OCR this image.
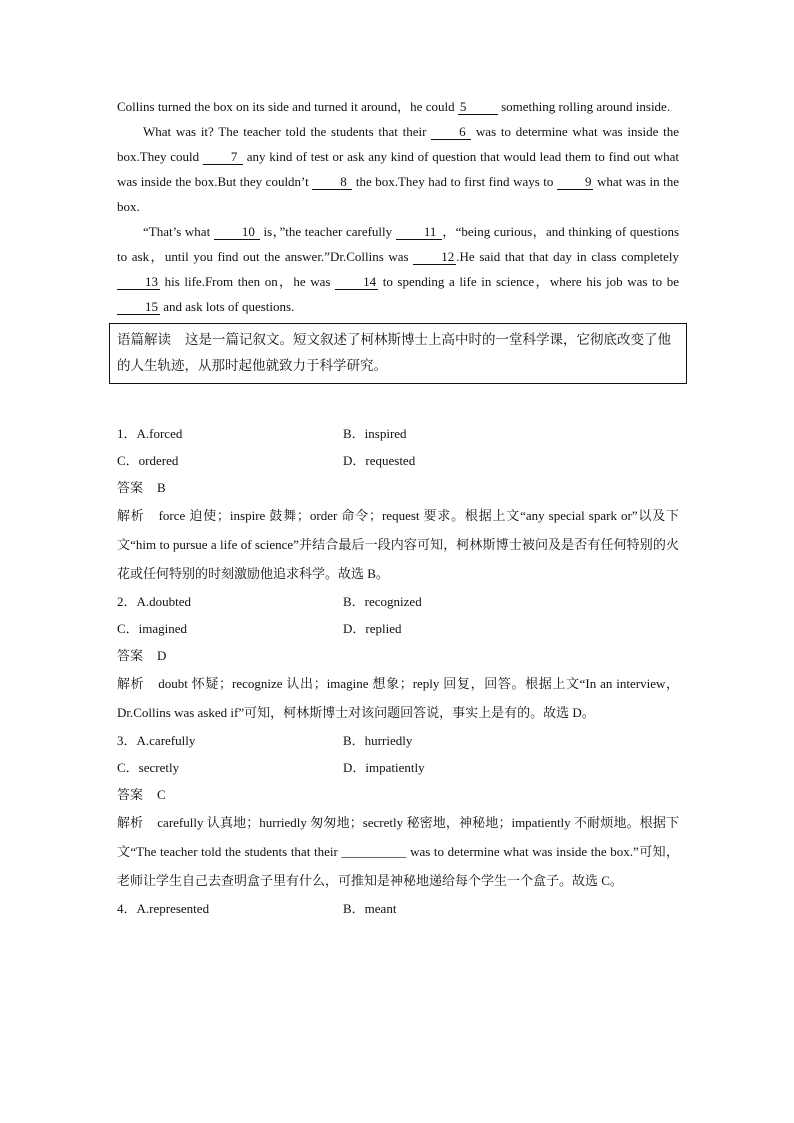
Collins turned the box on its side and turned it around，he could 5	something rolling around inside.

What was it? The teacher told the students that their	6 was to determine what was inside the box.They could 7 any kind of test or ask any kind of question that would lead them to find out what was inside the box.But they couldn’t 8 the box.They had to first find ways to 9 what was in the box.

“That’s what 10 is，”the teacher carefully 11 ，“being curious，and thinking of questions to ask，until you find out the answer.”Dr.Collins was	12 .He said that that day in class completely 13 his life.From then on，he was	14 to spending a life in science，where his job was to be 15 and ask lots of questions.

语篇解读 这是一篇记叙文。短文叙述了柯林斯博士上高中时的一堂科学课，它彻底改变了他的人生轨迹，从那时起他就致力于科学研究。
1．A.forced	B．inspired
C．ordered	D．requested
答案 B
解析 force 迫使；inspire 鼓舞；order 命令；request 要求。根据上文“any special spark or”以及下文“him to pursue a life of science”并结合最后一段内容可知，柯林斯博士被问及是否有任何特别的火花或任何特别的时刻激励他追求科学。故选 B。
2．A.doubted	B．recognized
C．imagined	D．replied
答案 D
解析 doubt 怀疑；recognize 认出；imagine 想象；reply 回复，回答。根据上文“In an interview，Dr.Collins was asked if”可知，柯林斯博士对该问题回答说，事实上是有的。故选 D。
3．A.carefully	B．hurriedly
C．secretly	D．impatiently
答案 C
解析 carefully 认真地；hurriedly 匆匆地；secretly 秘密地，神秘地；impatiently 不耐烦地。根据下文“The teacher told the students that their __________ was to determine what was inside the box.”可知，老师让学生自己去查明盒子里有什么，可推知是神秘地递给每个学生一个盒子。故选 C。
4．A.represented	B．meant
